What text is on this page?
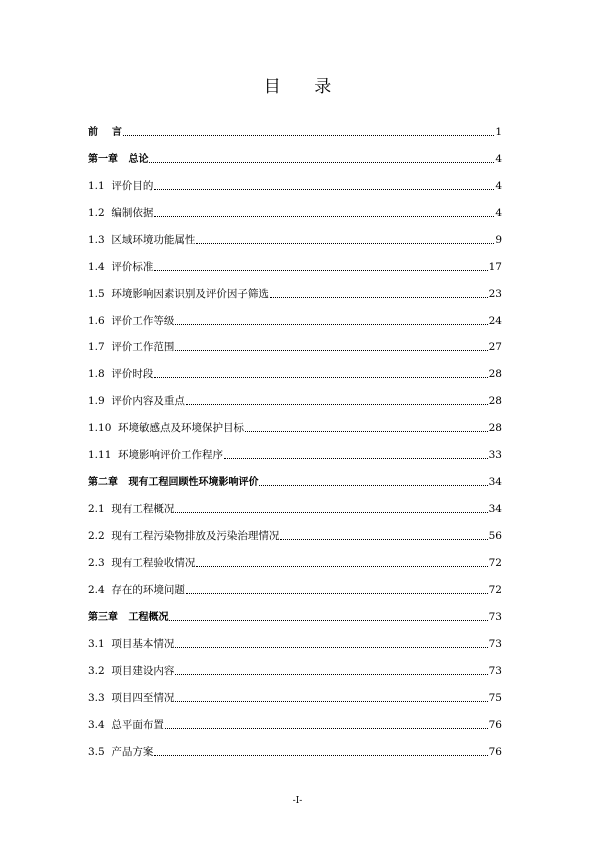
目 录
前    言	1
第一章   总论	4
1.1  评价目的	4
1.2  编制依据	4
1.3  区域环境功能属性	9
1.4  评价标准	17
1.5  环境影响因素识别及评价因子筛选	23
1.6  评价工作等级	24
1.7  评价工作范围	27
1.8  评价时段	28
1.9  评价内容及重点	28
1.10  环境敏感点及环境保护目标	28
1.11  环境影响评价工作程序	33
第二章   现有工程回顾性环境影响评价	34
2.1  现有工程概况	34
2.2  现有工程污染物排放及污染治理情况	56
2.3  现有工程验收情况	72
2.4  存在的环境问题	72
第三章   工程概况	73
3.1  项目基本情况	73
3.2  项目建设内容	73
3.3  项目四至情况	75
3.4  总平面布置	76
3.5  产品方案	76
-I-
